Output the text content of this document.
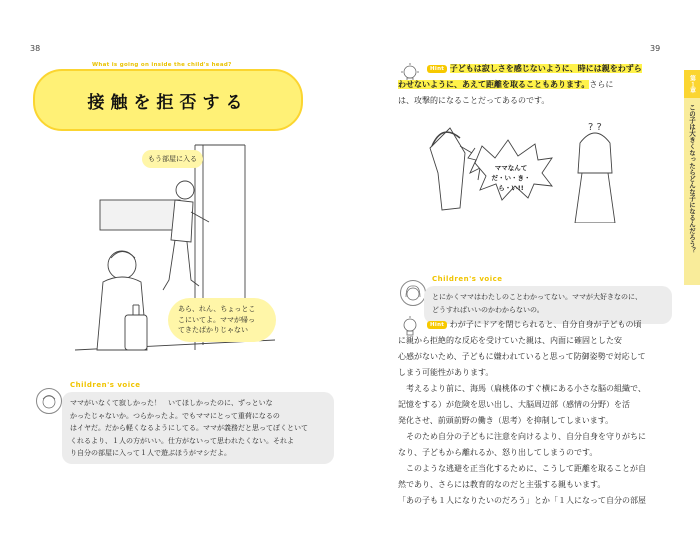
38
What is going on inside the child's head?
接触を拒否する
もう部屋に入る
あら、れん、ちょっとこ
こにいてよ。ママが帰っ
てきたばかりじゃない
Children's voice
ママがいなくて寂しかった！　いてほしかったのに、ずっといな
かったじゃないか。つらかったよ。でもママにとって重荷になるの
はイヤだ。だから軽くなるようにしてる。ママが義務だと思ってぼくといて
くれるより、１人の方がいい。仕方がないって思われたくない。それよ
り自分の部屋に入って１人で遊ぶほうがマシだよ。
39
Hint 子どもは寂しさを感じないように、時には親をわずら
わせないように、あえて距離を取ることもあります。さらに
は、攻撃的になることだってあるのです。
? ?
ママなんて
だ・い・き・ら・い!!
Children's voice
とにかくママはわたしのことわかってない。ママが大好きなのに、
どうすればいいのかわからないの。
Hint わが子にドアを閉じられると、自分自身が子どもの頃
に親から拒絶的な反応を受けていた親は、内面に確固とした安
心感がないため、子どもに嫌われていると思って防御姿勢で対応して
しまう可能性があります。
　考えるより前に、海馬（扁桃体のすぐ横にある小さな脳の組織で、
記憶をする）が危険を思い出し、大脳周辺部（感情の分野）を活
発化させ、前頭前野の働き（思考）を抑制してしまいます。
　そのため自分の子どもに注意を向けるより、自分自身を守りがちに
なり、子どもから離れるか、怒り出してしまうのです。
　このような逃避を正当化するために、こうして距離を取ることが自
然であり、さらには教育的なのだと主張する親もいます。
「あの子も１人になりたいのだろう」とか「１人になって自分の部屋
第１章
この子は大きくなったらどんな子になるんだろう？
